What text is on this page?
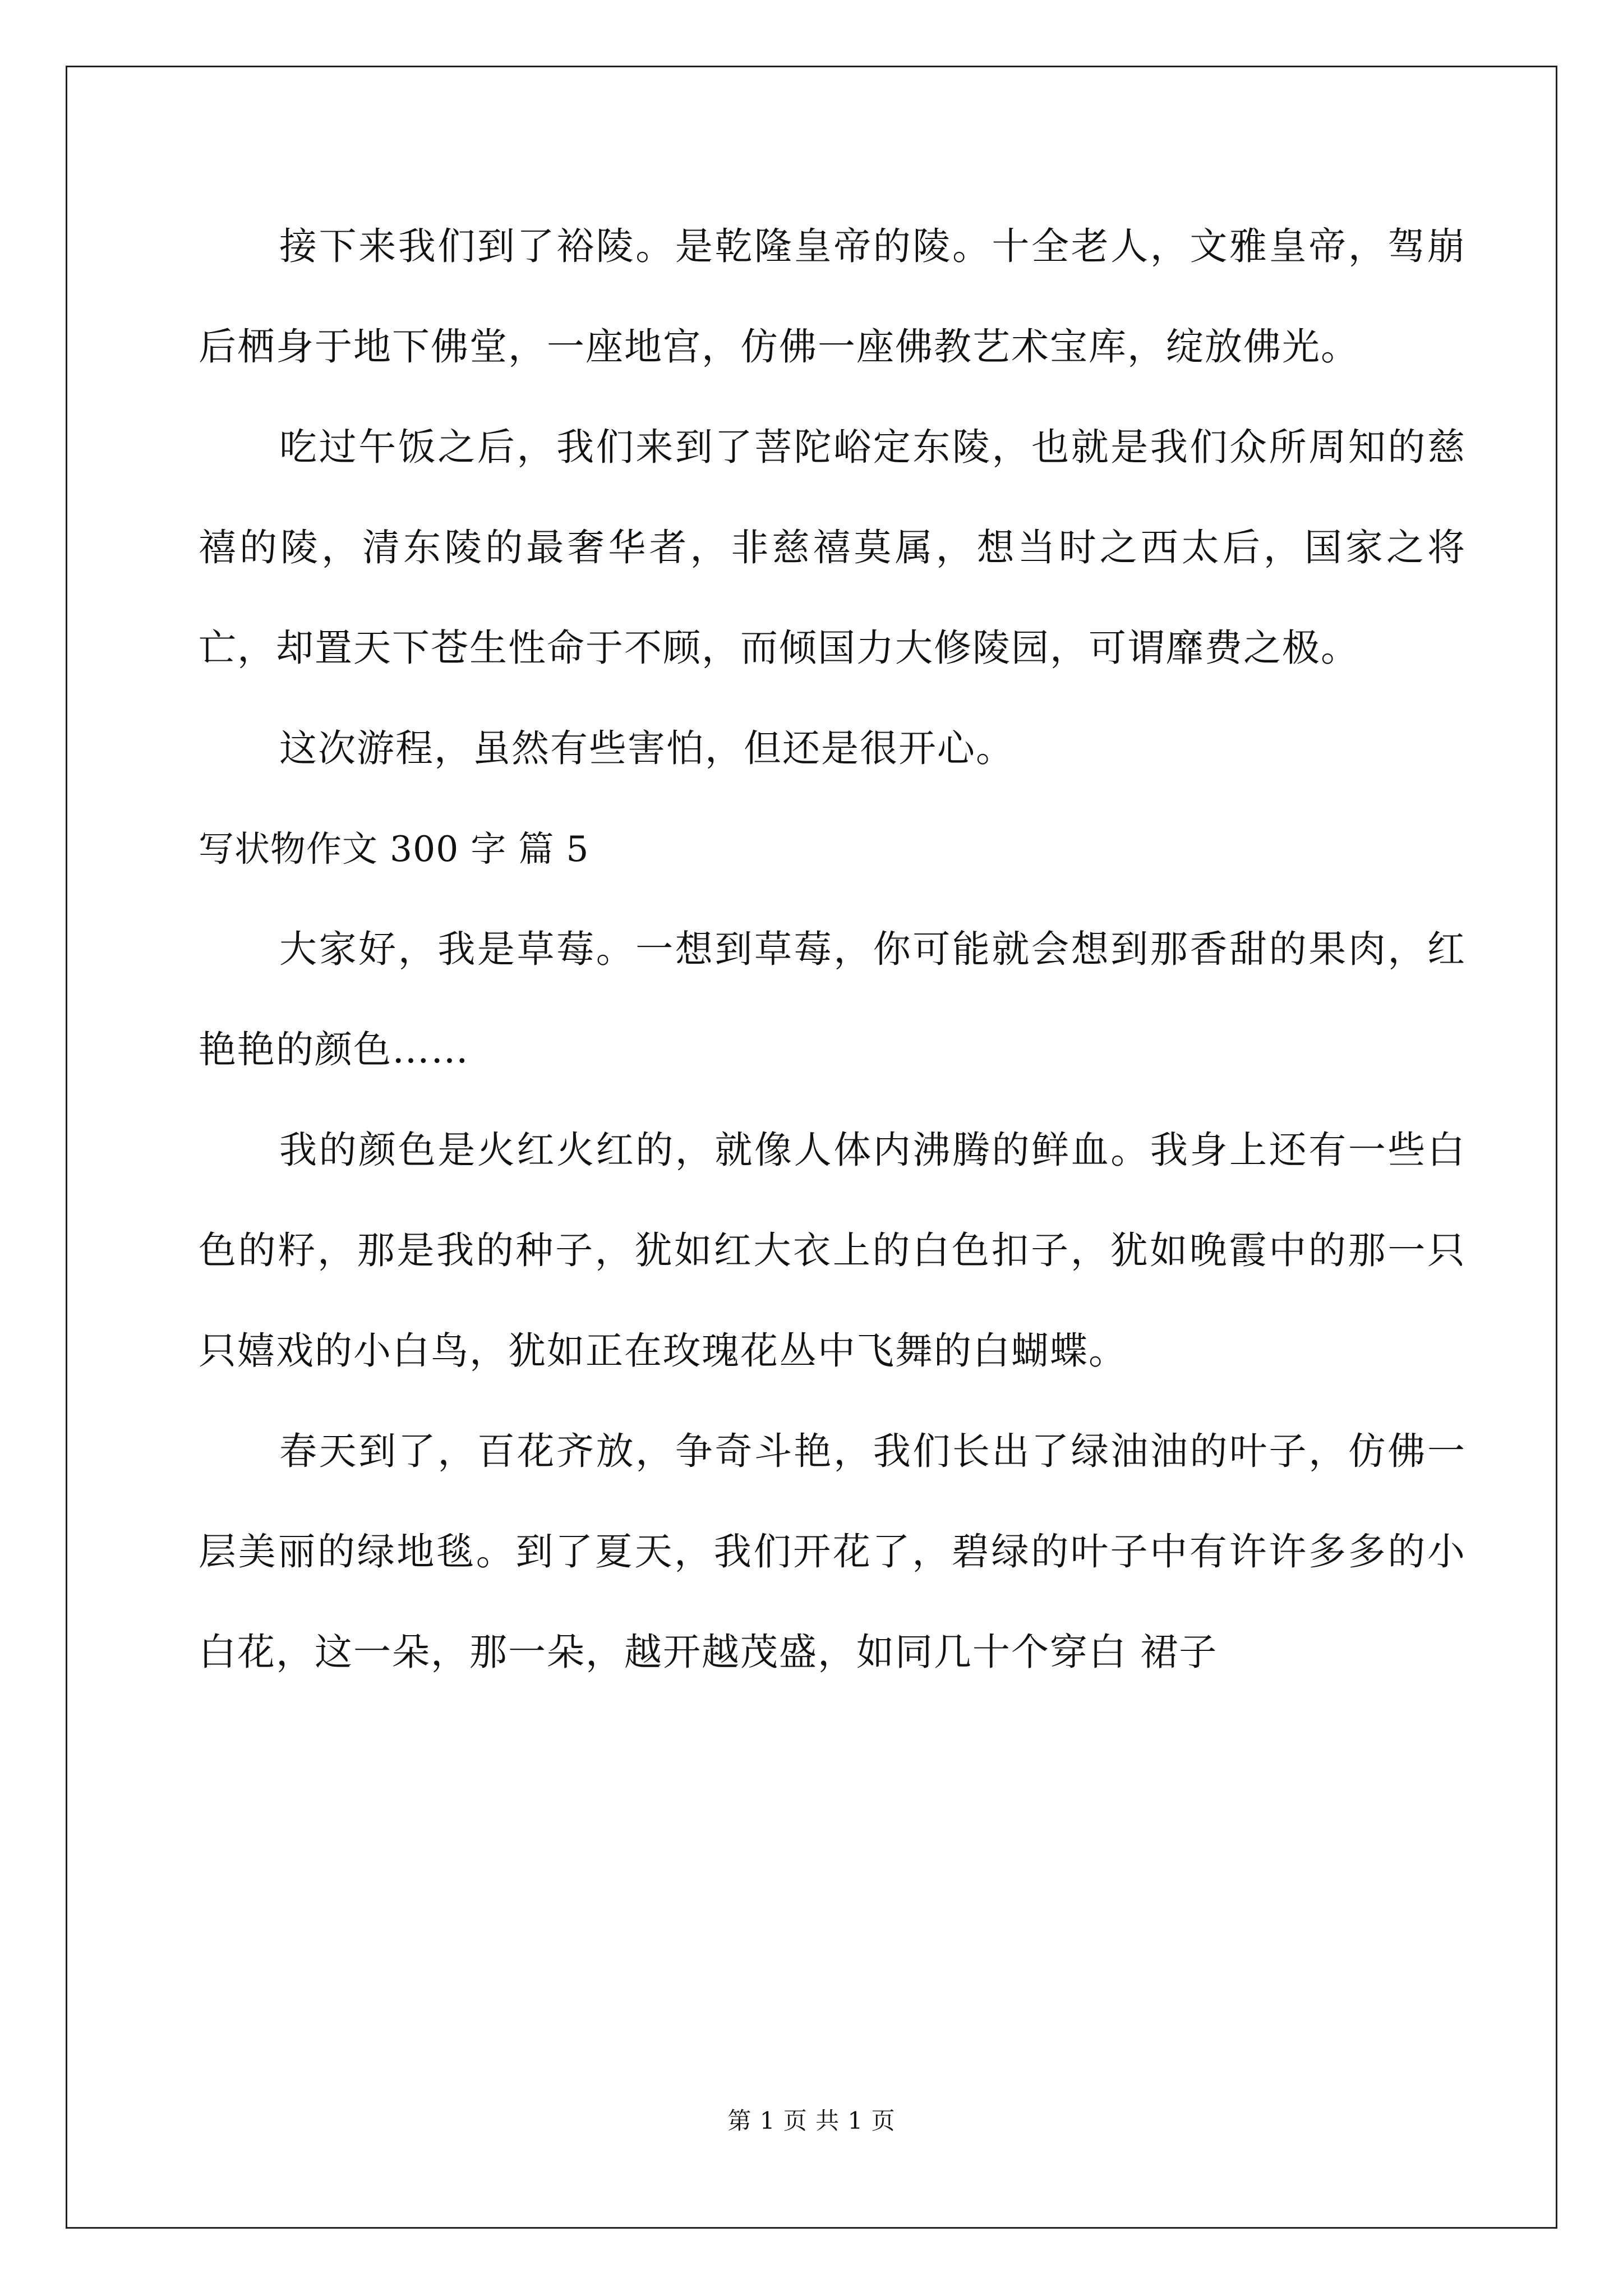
接下来我们到了裕陵。是乾隆皇帝的陵。十全老人，文雅皇帝，驾崩后栖身于地下佛堂，一座地宫，仿佛一座佛教艺术宝库，绽放佛光。

吃过午饭之后，我们来到了菩陀峪定东陵，也就是我们众所周知的慈禧的陵，清东陵的最奢华者，非慈禧莫属，想当时之西太后，国家之将亡，却置天下苍生性命于不顾，而倾国力大修陵园，可谓靡费之极。

这次游程，虽然有些害怕，但还是很开心。

写状物作文 300 字 篇 5

大家好，我是草莓。一想到草莓，你可能就会想到那香甜的果肉，红艳艳的颜色……

我的颜色是火红火红的，就像人体内沸腾的鲜血。我身上还有一些白色的籽，那是我的种子，犹如红大衣上的白色扣子，犹如晚霞中的那一只只嬉戏的小白鸟，犹如正在玫瑰花丛中飞舞的白蝴蝶。

春天到了，百花齐放，争奇斗艳，我们长出了绿油油的叶子，仿佛一层美丽的绿地毯。到了夏天，我们开花了，碧绿的叶子中有许许多多的小白花，这一朵，那一朵，越开越茂盛，如同几十个穿白 裙子

第 1 页 共 1 页
